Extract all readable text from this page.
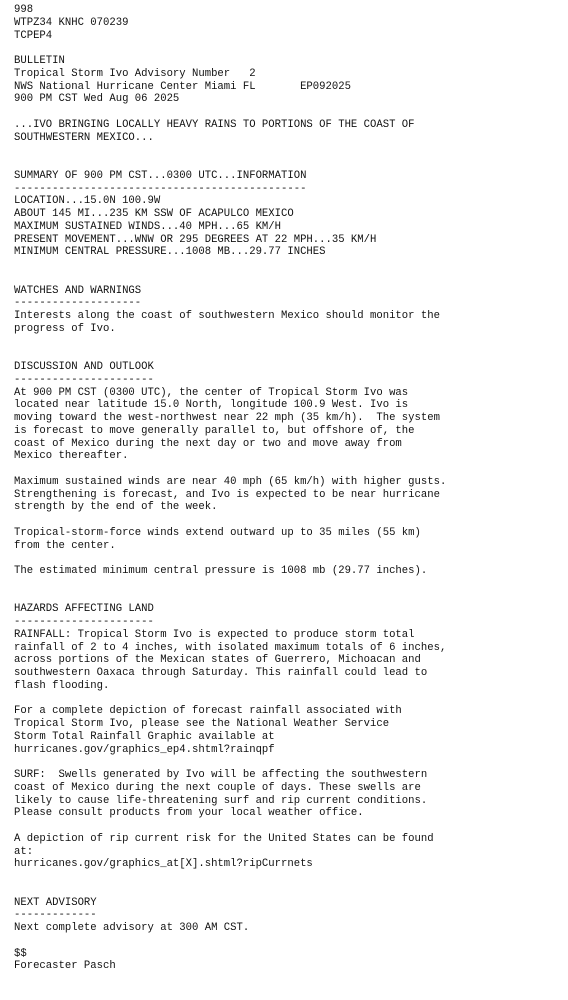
998
WTPZ34 KNHC 070239
TCPEP4
BULLETIN
Tropical Storm Ivo Advisory Number   2
NWS National Hurricane Center Miami FL       EP092025
900 PM CST Wed Aug 06 2025
...IVO BRINGING LOCALLY HEAVY RAINS TO PORTIONS OF THE COAST OF
SOUTHWESTERN MEXICO...
SUMMARY OF 900 PM CST...0300 UTC...INFORMATION
----------------------------------------------
LOCATION...15.0N 100.9W
ABOUT 145 MI...235 KM SSW OF ACAPULCO MEXICO
MAXIMUM SUSTAINED WINDS...40 MPH...65 KM/H
PRESENT MOVEMENT...WNW OR 295 DEGREES AT 22 MPH...35 KM/H
MINIMUM CENTRAL PRESSURE...1008 MB...29.77 INCHES
WATCHES AND WARNINGS
--------------------
Interests along the coast of southwestern Mexico should monitor the
progress of Ivo.
DISCUSSION AND OUTLOOK
----------------------
At 900 PM CST (0300 UTC), the center of Tropical Storm Ivo was
located near latitude 15.0 North, longitude 100.9 West. Ivo is
moving toward the west-northwest near 22 mph (35 km/h).  The system
is forecast to move generally parallel to, but offshore of, the
coast of Mexico during the next day or two and move away from
Mexico thereafter.
Maximum sustained winds are near 40 mph (65 km/h) with higher gusts.
Strengthening is forecast, and Ivo is expected to be near hurricane
strength by the end of the week.
Tropical-storm-force winds extend outward up to 35 miles (55 km)
from the center.
The estimated minimum central pressure is 1008 mb (29.77 inches).
HAZARDS AFFECTING LAND
----------------------
RAINFALL: Tropical Storm Ivo is expected to produce storm total
rainfall of 2 to 4 inches, with isolated maximum totals of 6 inches,
across portions of the Mexican states of Guerrero, Michoacan and
southwestern Oaxaca through Saturday. This rainfall could lead to
flash flooding.
For a complete depiction of forecast rainfall associated with
Tropical Storm Ivo, please see the National Weather Service
Storm Total Rainfall Graphic available at
hurricanes.gov/graphics_ep4.shtml?rainqpf
SURF:  Swells generated by Ivo will be affecting the southwestern
coast of Mexico during the next couple of days. These swells are
likely to cause life-threatening surf and rip current conditions.
Please consult products from your local weather office.
A depiction of rip current risk for the United States can be found
at:
hurricanes.gov/graphics_at[X].shtml?ripCurrnets
NEXT ADVISORY
-------------
Next complete advisory at 300 AM CST.
$$
Forecaster Pasch
